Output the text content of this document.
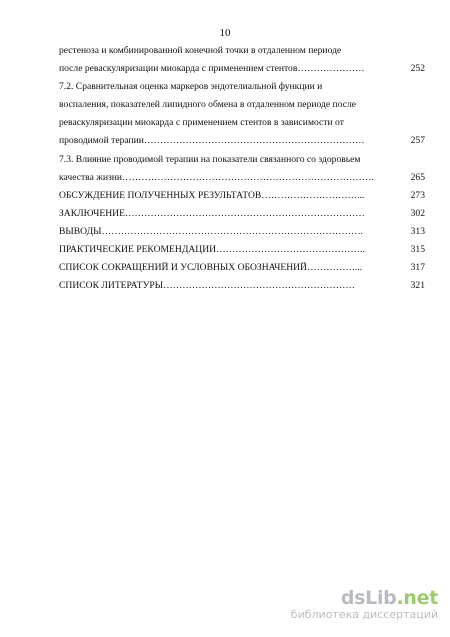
10
рестеноза и комбинированной конечной точки в отдаленном периоде
после реваскуляризации миокарда с применением стентов…………………	252
7.2. Сравнительная оценка маркеров эндотелиальной функции и
воспаления, показателей липидного обмена в отдаленном периоде после
реваскуляризации миокарда с применением стентов в зависимости от
проводимой терапии……………………………………………………………	257
7.3. Влияние проводимой терапии на показатели связанного со здоровьем
качества жизни…………………………………………………………………….	265
ОБСУЖДЕНИЕ ПОЛУЧЕННЫХ РЕЗУЛЬТАТОВ…………………………...	273
ЗАКЛЮЧЕНИЕ…………………………………………………………………	302
ВЫВОДЫ……………………………………………………………………….	313
ПРАКТИЧЕСКИЕ РЕКОМЕНДАЦИИ………………………………………..	315
СПИСОК СОКРАЩЕНИЙ И УСЛОВНЫХ ОБОЗНАЧЕНИЙ……………...	317
СПИСОК ЛИТЕРАТУРЫ……………………………………………………	321
dsLib.net
библиотека диссертаций
